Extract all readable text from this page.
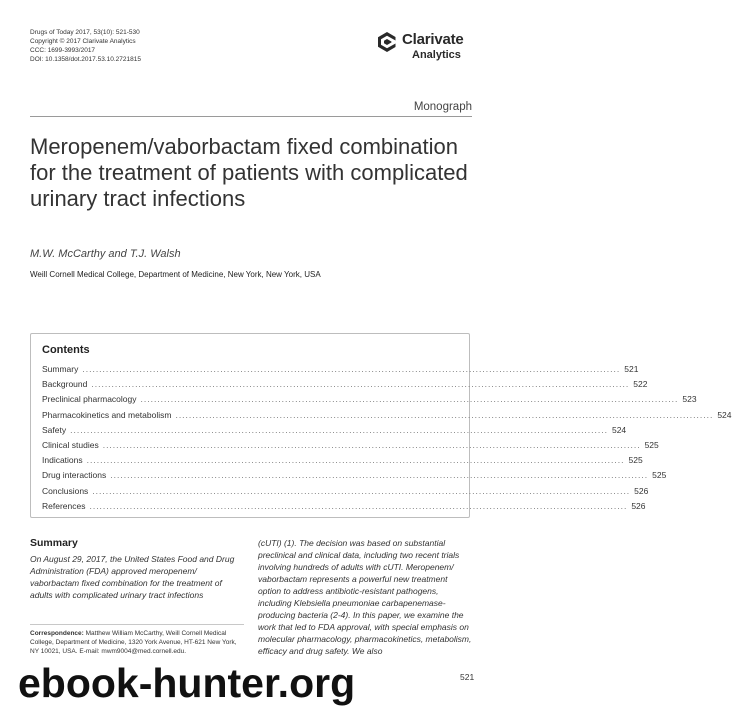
Drugs of Today 2017, 53(10): 521-530
Copyright © 2017 Clarivate Analytics
CCC: 1699-3993/2017
DOI: 10.1358/dot.2017.53.10.2721815
Clarivate
Analytics
Monograph
Meropenem/vaborbactam fixed combination for the treatment of patients with complicated urinary tract infections
M.W. McCarthy and T.J. Walsh
Weill Cornell Medical College, Department of Medicine, New York, New York, USA
Contents
Summary ................................................................................................................................................................ 521
Background ................................................................................................................................................................ 522
Preclinical pharmacology ................................................................................................................................................................ 523
Pharmacokinetics and metabolism ................................................................................................................................................................ 524
Safety ................................................................................................................................................................ 524
Clinical studies ................................................................................................................................................................ 525
Indications ................................................................................................................................................................ 525
Drug interactions ................................................................................................................................................................ 525
Conclusions ................................................................................................................................................................ 526
References ................................................................................................................................................................ 526
Summary

On August 29, 2017, the United States Food and Drug Administration (FDA) approved meropenem/ vaborbactam fixed combination for the treatment of adults with complicated urinary tract infections

(cUTI) (1). The decision was based on substantial preclinical and clinical data, including two recent trials involving hundreds of adults with cUTI. Meropenem/ vaborbactam represents a powerful new treatment option to address antibiotic-resistant pathogens, including Klebsiella pneumoniae carbapenemase-producing bacteria (2-4). In this paper, we examine the work that led to FDA approval, with special emphasis on molecular pharmacology, pharmacokinetics, metabolism, efficacy and drug safety. We also

Correspondence: Matthew William McCarthy, Weill Cornell Medical College, Department of Medicine, 1320 York Avenue, HT-621 New York, NY 10021, USA. E-mail: mwm9004@med.cornell.edu.

521
ebook-hunter.org
